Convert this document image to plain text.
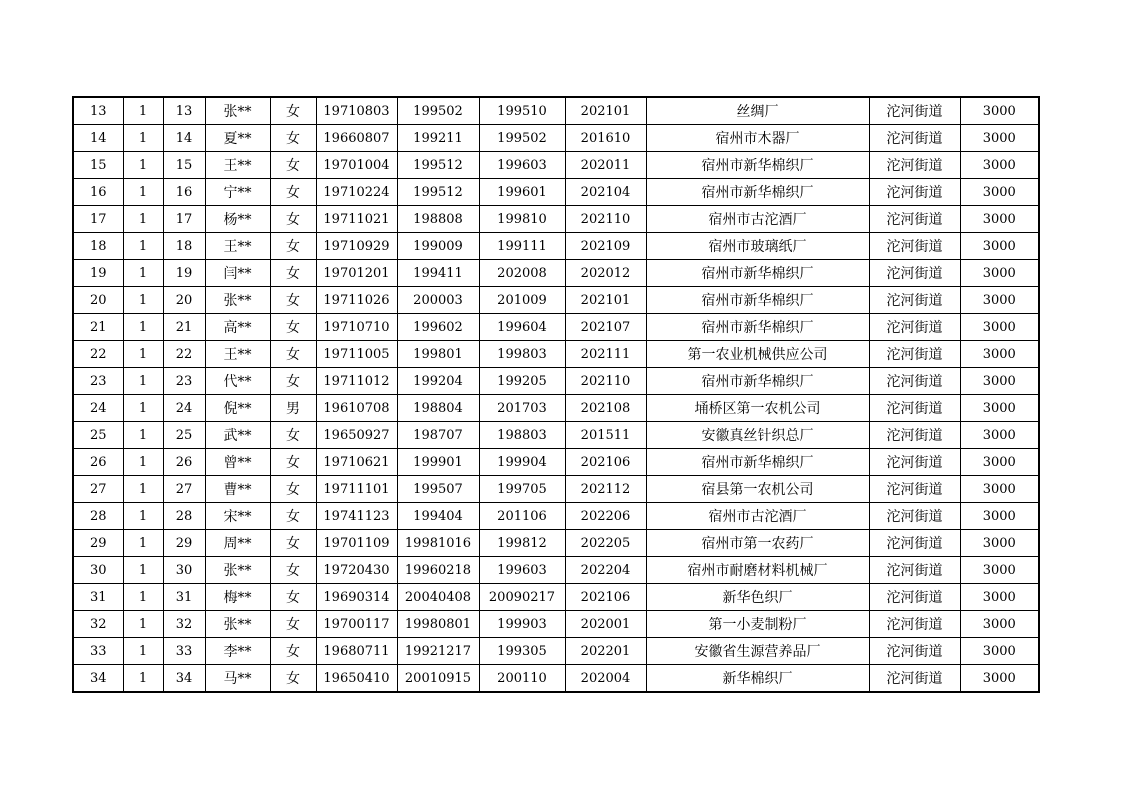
13	1	13	张**	女	19710803	199502	199510	202101	丝绸厂	沱河街道	3000
14	1	14	夏**	女	19660807	199211	199502	201610	宿州市木器厂	沱河街道	3000
15	1	15	王**	女	19701004	199512	199603	202011	宿州市新华棉织厂	沱河街道	3000
16	1	16	宁**	女	19710224	199512	199601	202104	宿州市新华棉织厂	沱河街道	3000
17	1	17	杨**	女	19711021	198808	199810	202110	宿州市古沱酒厂	沱河街道	3000
18	1	18	王**	女	19710929	199009	199111	202109	宿州市玻璃纸厂	沱河街道	3000
19	1	19	闫**	女	19701201	199411	202008	202012	宿州市新华棉织厂	沱河街道	3000
20	1	20	张**	女	19711026	200003	201009	202101	宿州市新华棉织厂	沱河街道	3000
21	1	21	高**	女	19710710	199602	199604	202107	宿州市新华棉织厂	沱河街道	3000
22	1	22	王**	女	19711005	199801	199803	202111	第一农业机械供应公司	沱河街道	3000
23	1	23	代**	女	19711012	199204	199205	202110	宿州市新华棉织厂	沱河街道	3000
24	1	24	倪**	男	19610708	198804	201703	202108	埇桥区第一农机公司	沱河街道	3000
25	1	25	武**	女	19650927	198707	198803	201511	安徽真丝针织总厂	沱河街道	3000
26	1	26	曾**	女	19710621	199901	199904	202106	宿州市新华棉织厂	沱河街道	3000
27	1	27	曹**	女	19711101	199507	199705	202112	宿县第一农机公司	沱河街道	3000
28	1	28	宋**	女	19741123	199404	201106	202206	宿州市古沱酒厂	沱河街道	3000
29	1	29	周**	女	19701109	19981016	199812	202205	宿州市第一农药厂	沱河街道	3000
30	1	30	张**	女	19720430	19960218	199603	202204	宿州市耐磨材料机械厂	沱河街道	3000
31	1	31	梅**	女	19690314	20040408	20090217	202106	新华色织厂	沱河街道	3000
32	1	32	张**	女	19700117	19980801	199903	202001	第一小麦制粉厂	沱河街道	3000
33	1	33	李**	女	19680711	19921217	199305	202201	安徽省生源营养品厂	沱河街道	3000
34	1	34	马**	女	19650410	20010915	200110	202004	新华棉织厂	沱河街道	3000
